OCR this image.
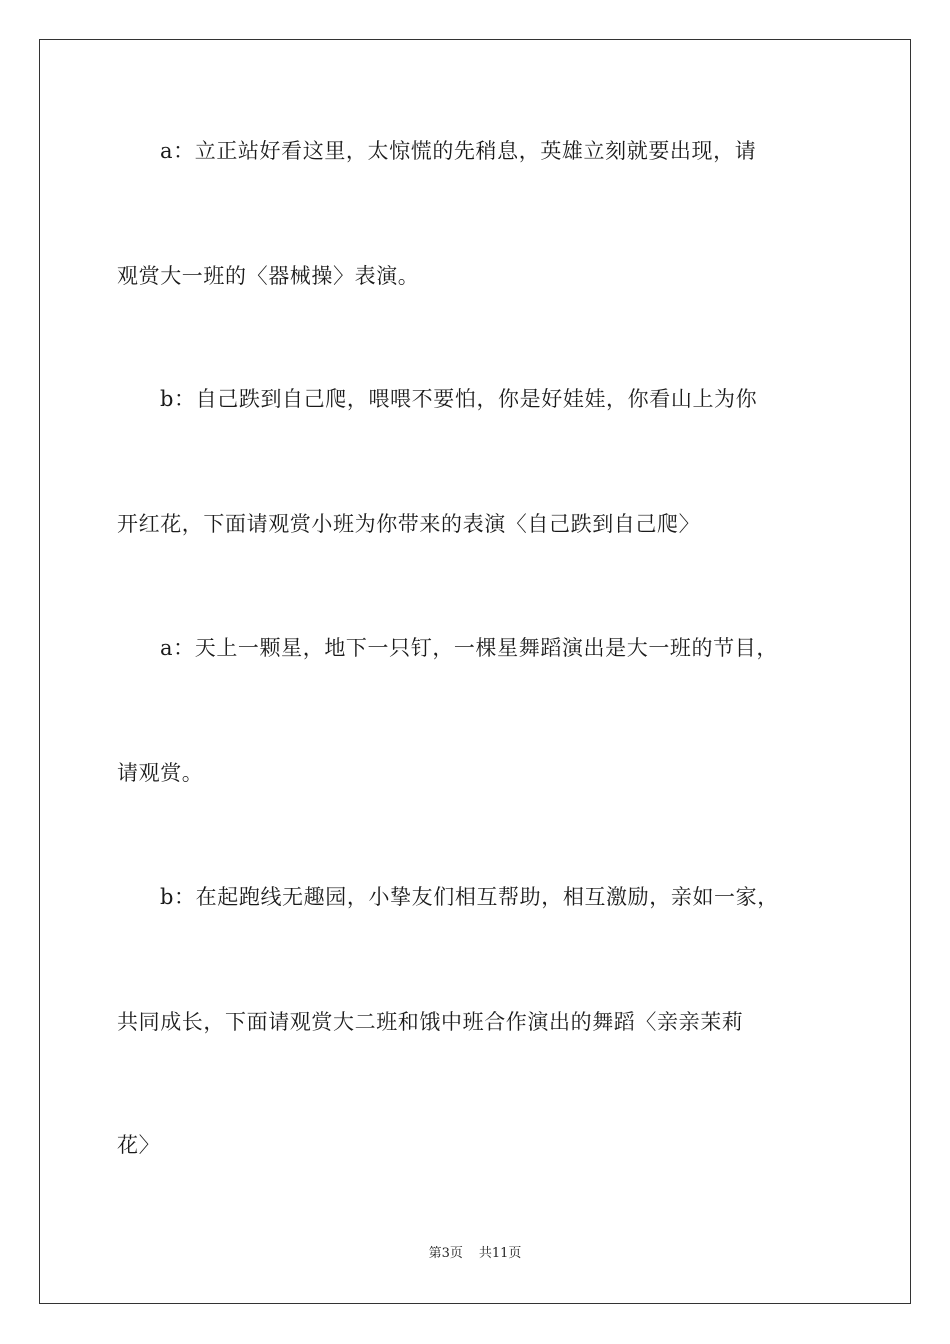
a：立正站好看这里，太惊慌的先稍息，英雄立刻就要出现，请
观赏大一班的〈器械操〉表演。
b：自己跌到自己爬，喂喂不要怕，你是好娃娃，你看山上为你
开红花，下面请观赏小班为你带来的表演〈自己跌到自己爬〉
a：天上一颗星，地下一只钉，一棵星舞蹈演出是大一班的节目，
请观赏。
b：在起跑线无趣园，小挚友们相互帮助，相互激励，亲如一家，
共同成长，下面请观赏大二班和饿中班合作演出的舞蹈〈亲亲茉莉
花〉
第3页 共11页
